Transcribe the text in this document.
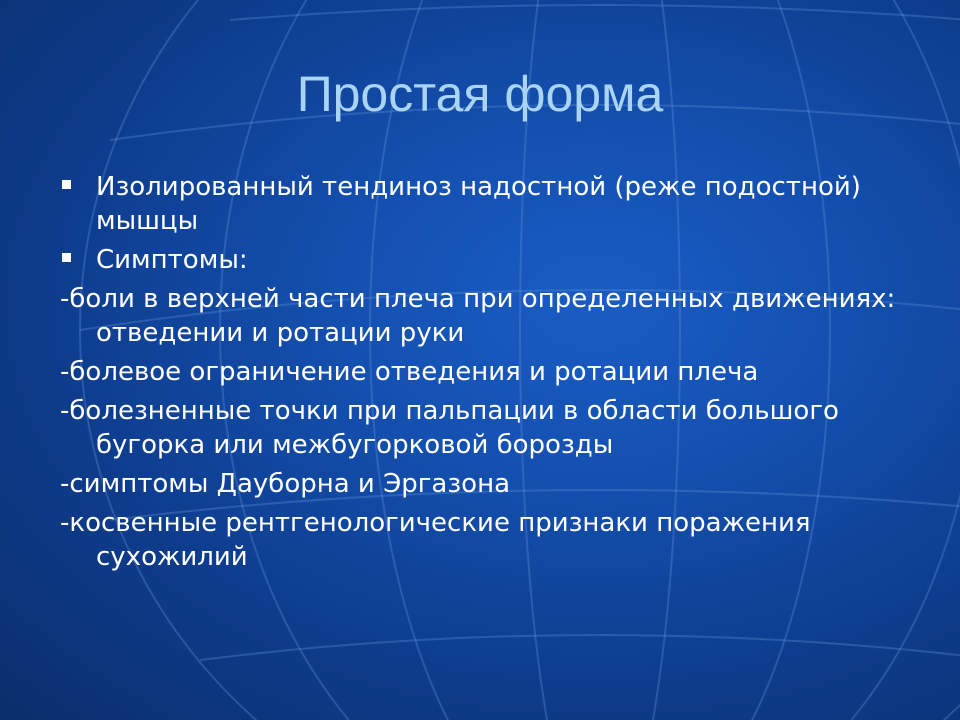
Простая форма
Изолированный тендиноз надостной (реже подостной) мышцы
Симптомы:
-боли в верхней части плеча при определенных движениях: отведении и ротации руки
-болевое ограничение отведения и ротации плеча
-болезненные точки при пальпации в области большого бугорка или межбугорковой борозды
-симптомы Дауборна и Эргазона
-косвенные рентгенологические признаки поражения сухожилий
